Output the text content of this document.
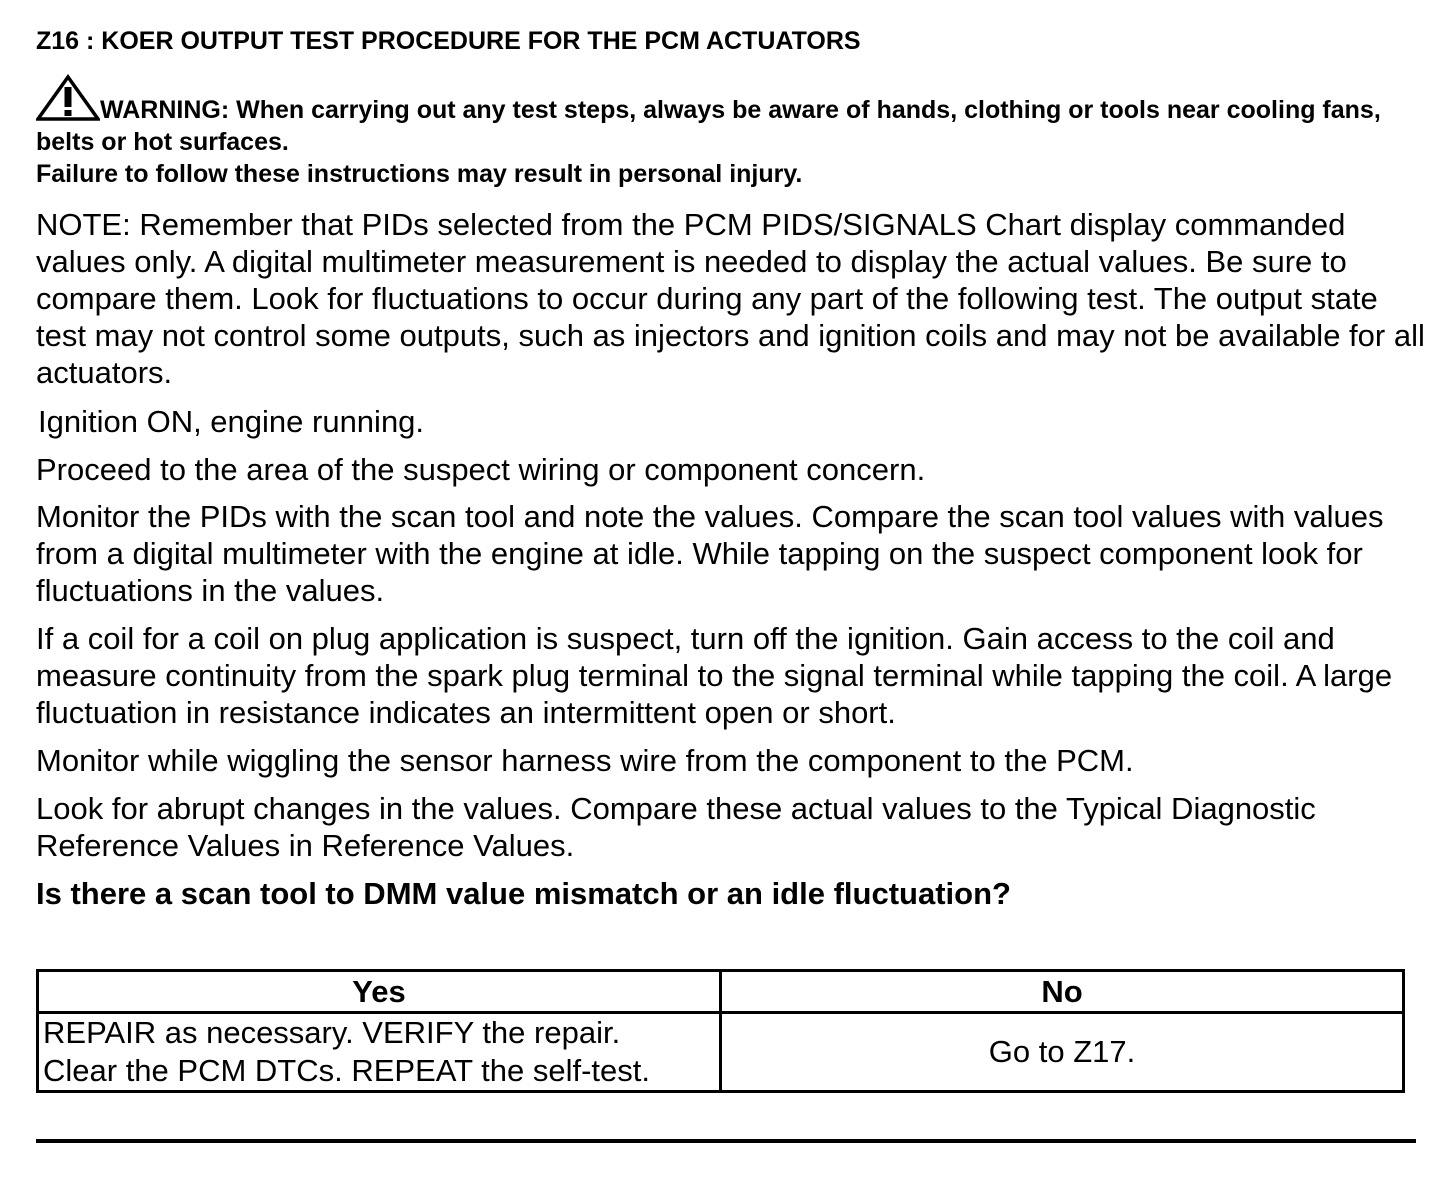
Z16 : KOER OUTPUT TEST PROCEDURE FOR THE PCM ACTUATORS
WARNING: When carrying out any test steps, always be aware of hands, clothing or tools near cooling fans, belts or hot surfaces.
Failure to follow these instructions may result in personal injury.
NOTE: Remember that PIDs selected from the PCM PIDS/SIGNALS Chart display commanded values only. A digital multimeter measurement is needed to display the actual values. Be sure to compare them. Look for fluctuations to occur during any part of the following test. The output state test may not control some outputs, such as injectors and ignition coils and may not be available for all actuators.
Ignition ON, engine running.
Proceed to the area of the suspect wiring or component concern.
Monitor the PIDs with the scan tool and note the values. Compare the scan tool values with values from a digital multimeter with the engine at idle. While tapping on the suspect component look for fluctuations in the values.
If a coil for a coil on plug application is suspect, turn off the ignition. Gain access to the coil and measure continuity from the spark plug terminal to the signal terminal while tapping the coil. A large fluctuation in resistance indicates an intermittent open or short.
Monitor while wiggling the sensor harness wire from the component to the PCM.
Look for abrupt changes in the values. Compare these actual values to the Typical Diagnostic Reference Values in Reference Values.
Is there a scan tool to DMM value mismatch or an idle fluctuation?
Yes	No
REPAIR as necessary. VERIFY the repair.
Clear the PCM DTCs. REPEAT the self-test.	Go to Z17.
